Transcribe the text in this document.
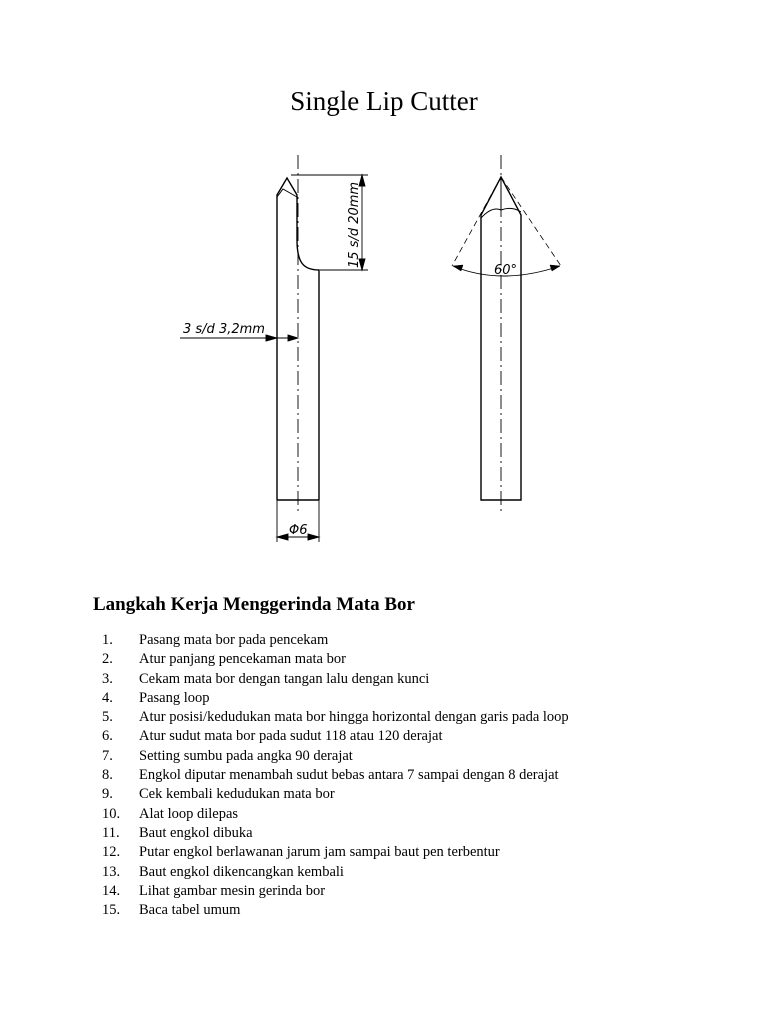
Single Lip Cutter
15 s/d 20mm
3 s/d 3,2mm
Φ6
60°
Langkah Kerja Menggerinda Mata Bor
1.	Pasang mata bor pada pencekam
2.	Atur panjang pencekaman mata bor
3.	Cekam mata bor dengan tangan lalu dengan kunci
4.	Pasang loop
5.	Atur posisi/kedudukan mata bor hingga horizontal dengan garis pada loop
6.	Atur sudut mata bor pada sudut 118 atau 120 derajat
7.	Setting sumbu pada angka 90 derajat
8.	Engkol diputar menambah sudut bebas antara 7 sampai dengan 8 derajat
9.	Cek kembali kedudukan mata bor
10.	Alat loop dilepas
11.	Baut engkol dibuka
12.	Putar engkol berlawanan jarum jam sampai baut pen terbentur
13.	Baut engkol dikencangkan kembali
14.	Lihat gambar mesin gerinda bor
15.	Baca tabel umum
